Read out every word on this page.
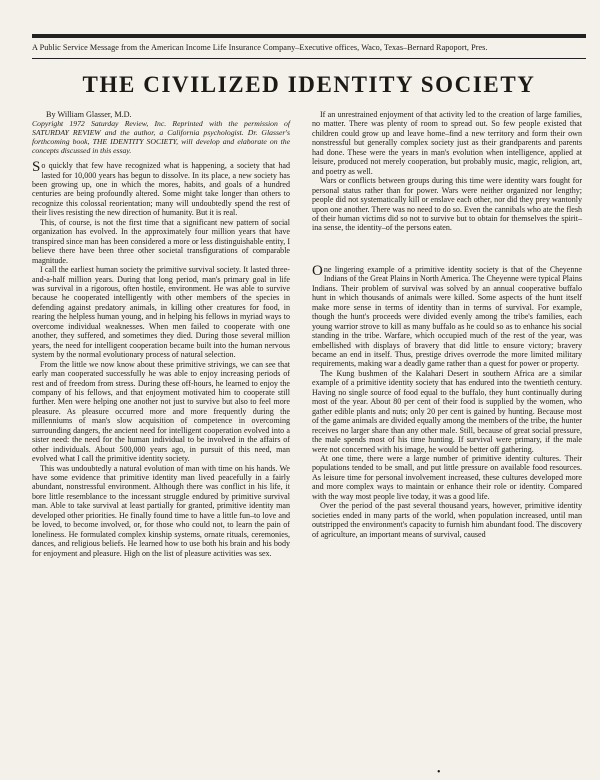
A Public Service Message from the American Income Life Insurance Company–Executive offices, Waco, Texas–Bernard Rapoport, Pres.
THE CIVILIZED IDENTITY SOCIETY

By William Glasser, M.D.

Copyright 1972 Saturday Review, Inc. Reprinted with the permission of SATURDAY REVIEW and the author, a California psychologist. Dr. Glasser's forthcoming book, THE IDENTITY SOCIETY, will develop and elaborate on the concepts discussed in this essay.

So quickly that few have recognized what is happening, a society that had lasted for 10,000 years has begun to dissolve. In its place, a new society has been growing up, one in which the mores, habits, and goals of a hundred centuries are being profoundly altered. Some might take longer than others to recognize this colossal reorientation; many will undoubtedly spend the rest of their lives resisting the new direction of humanity. But it is real.

This, of course, is not the first time that a significant new pattern of social organization has evolved. In the approximately four million years that have transpired since man has been considered a more or less distinguishable entity, I believe there have been three other societal transfigurations of comparable magnitude.

I call the earliest human society the primitive survival society. It lasted three-and-a-half million years. During that long period, man's primary goal in life was survival in a rigorous, often hostile, environment. He was able to survive because he cooperated intelligently with other members of the species in defending against predatory animals, in killing other creatures for food, in rearing the helpless human young, and in helping his fellows in myriad ways to overcome individual weaknesses. When men failed to cooperate with one another, they suffered, and sometimes they died. During those several million years, the need for intelligent cooperation became built into the human nervous system by the normal evolutionary process of natural selection.

From the little we now know about these primitive strivings, we can see that early man cooperated successfully he was able to enjoy increasing periods of rest and of freedom from stress. During these off-hours, he learned to enjoy the company of his fellows, and that enjoyment motivated him to cooperate still further. Men were helping one another not just to survive but also to feel more pleasure. As pleasure occurred more and more frequently during the millenniums of man's slow acquisition of competence in overcoming surrounding dangers, the ancient need for intelligent cooperation evolved into a sister need: the need for the human individual to be involved in the affairs of other individuals. About 500,000 years ago, in pursuit of this need, man evolved what I call the primitive identity society.

This was undoubtedly a natural evolution of man with time on his hands. We have some evidence that primitive identity man lived peacefully in a fairly abundant, nonstressful environment. Although there was conflict in his life, it bore little resemblance to the incessant struggle endured by primitive survival man. Able to take survival at least partially for granted, primitive identity man developed other priorities. He finally found time to have a little fun–to love and be loved, to become involved, or, for those who could not, to learn the pain of loneliness. He formulated complex kinship systems, ornate rituals, ceremonies, dances, and religious beliefs. He learned how to use both his brain and his body for enjoyment and pleasure. High on the list of pleasure activities was sex.

If an unrestrained enjoyment of that activity led to the creation of large families, no matter. There was plenty of room to spread out. So few people existed that children could grow up and leave home–find a new territory and form their own nonstressful but generally complex society just as their grandparents and parents had done. These were the years in man's evolution when intelligence, applied at leisure, produced not merely cooperation, but probably music, magic, religion, art, and poetry as well.

Wars or conflicts between groups during this time were identity wars fought for personal status rather than for power. Wars were neither organized nor lengthy; people did not systematically kill or enslave each other, nor did they prey wantonly upon one another. There was no need to do so. Even the cannibals who ate the flesh of their human victims did so not to survive but to obtain for themselves the spirit–ina sense, the identity–of the persons eaten.

One lingering example of a primitive identity society is that of the Cheyenne Indians of the Great Plains in North America. The Cheyenne were typical Plains Indians. Their problem of survival was solved by an annual cooperative buffalo hunt in which thousands of animals were killed. Some aspects of the hunt itself make more sense in terms of identity than in terms of survival. For example, though the hunt's proceeds were divided evenly among the tribe's families, each young warrior strove to kill as many buffalo as he could so as to enhance his social standing in the tribe. Warfare, which occupied much of the rest of the year, was embellished with displays of bravery that did little to ensure victory; bravery became an end in itself. Thus, prestige drives overrode the more limited military requirements, making war a deadly game rather than a quest for power or property.

The Kung bushmen of the Kalahari Desert in southern Africa are a similar example of a primitive identity society that has endured into the twentieth century. Having no single source of food equal to the buffalo, they hunt continually during most of the year. About 80 per cent of their food is supplied by the women, who gather edible plants and nuts; only 20 per cent is gained by hunting. Because most of the game animals are divided equally among the members of the tribe, the hunter receives no larger share than any other male. Still, because of great social pressure, the male spends most of his time hunting. If survival were primary, if the male were not concerned with his image, he would be better off gathering.

At one time, there were a large number of primitive identity cultures. Their populations tended to be small, and put little pressure on available food resources. As leisure time for personal involvement increased, these cultures developed more and more complex ways to maintain or enhance their role or identity. Compared with the way most people live today, it was a good life.

Over the period of the past several thousand years, however, primitive identity societies ended in many parts of the world, when population increased, until man outstripped the environment's capacity to furnish him abundant food. The discovery of agriculture, an important means of survival, caused

•
